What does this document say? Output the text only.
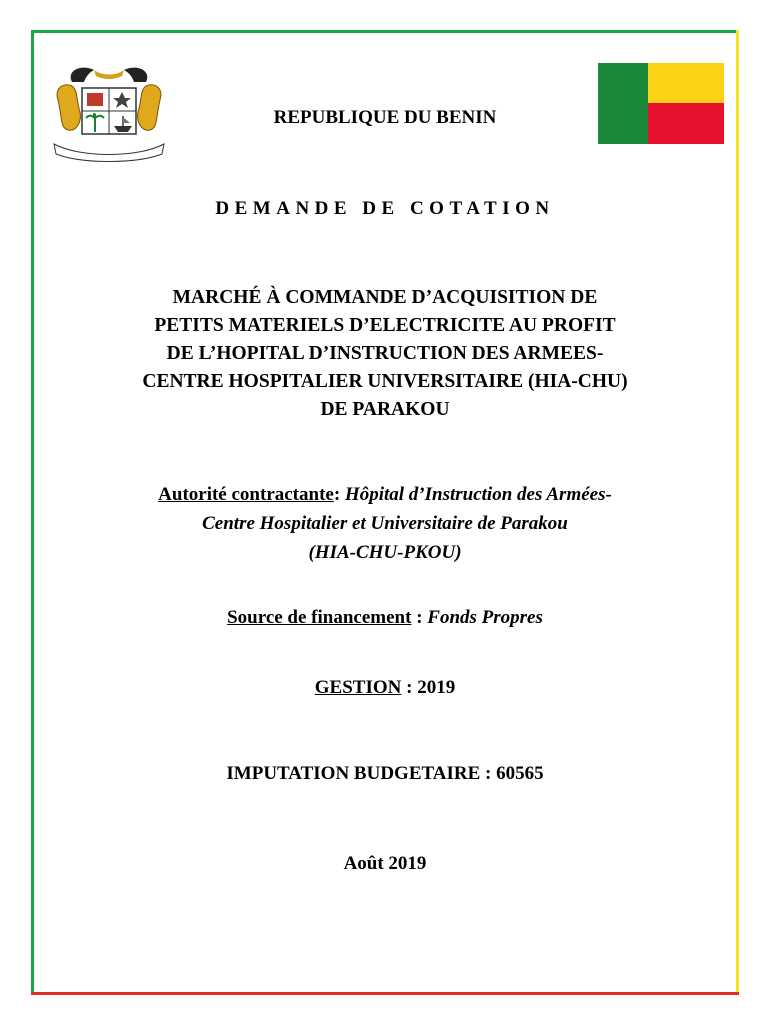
REPUBLIQUE DU BENIN
DEMANDE DE COTATION
MARCHÉ À COMMANDE D’ACQUISITION DE
PETITS MATERIELS D’ELECTRICITE AU PROFIT
DE L’HOPITAL D’INSTRUCTION DES ARMEES-
CENTRE HOSPITALIER UNIVERSITAIRE (HIA-CHU)
DE PARAKOU
Autorité contractante: Hôpital d’Instruction des Armées-
Centre Hospitalier et Universitaire de Parakou
(HIA-CHU-PKOU)
Source de financement : Fonds Propres
GESTION : 2019
IMPUTATION BUDGETAIRE : 60565
Août 2019
